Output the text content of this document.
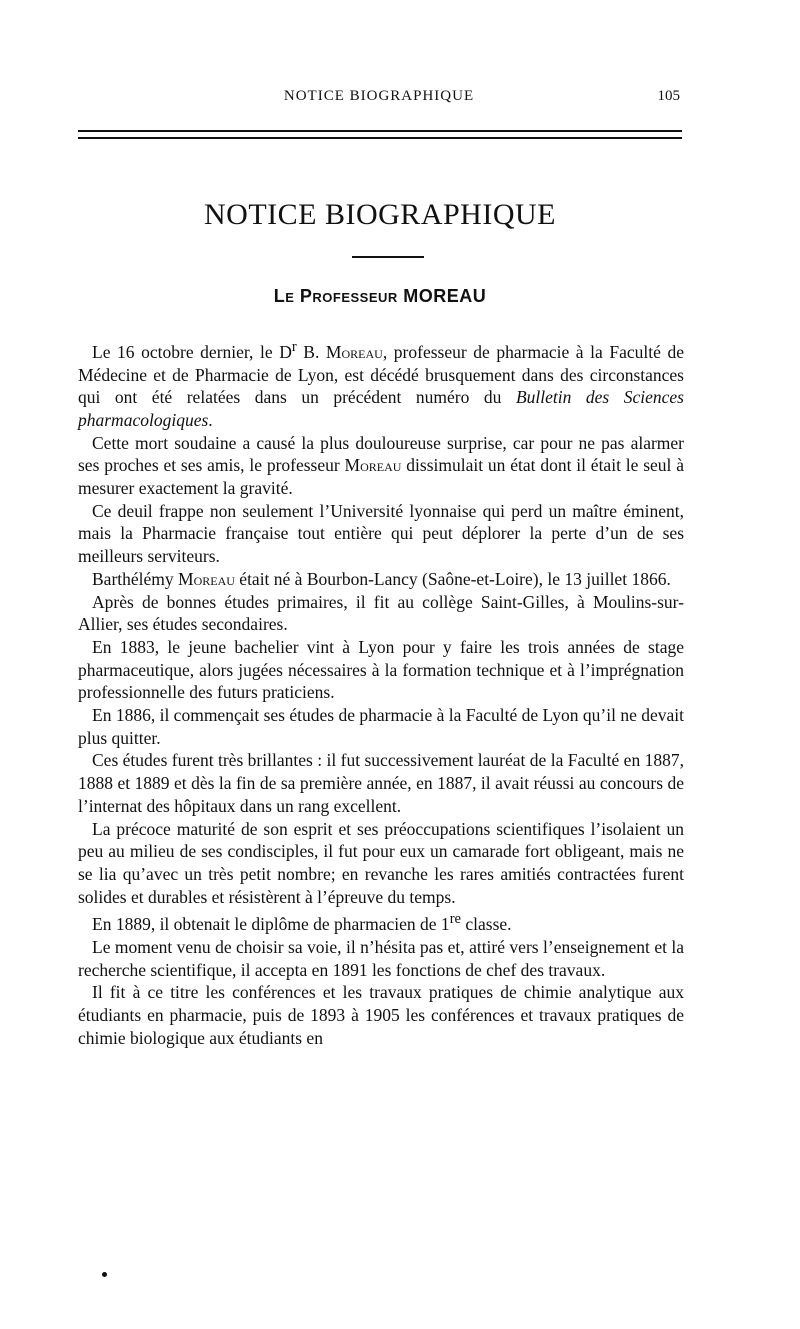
NOTICE BIOGRAPHIQUE	105
NOTICE BIOGRAPHIQUE
Le Professeur MOREAU

Le 16 octobre dernier, le $D^r$ B. Moreau, professeur de pharmacie à la Faculté de Médecine et de Pharmacie de Lyon, est décédé brusquement dans des circonstances qui ont été relatées dans un précédent numéro du Bulletin des Sciences pharmacologiques.

Cette mort soudaine a causé la plus douloureuse surprise, car pour ne pas alarmer ses proches et ses amis, le professeur Moreau dissimulait un état dont il était le seul à mesurer exactement la gravité.

Ce deuil frappe non seulement l’Université lyonnaise qui perd un maître éminent, mais la Pharmacie française tout entière qui peut déplorer la perte d’un de ses meilleurs serviteurs.

Barthélémy Moreau était né à Bourbon-Lancy (Saône-et-Loire), le 13 juillet 1866.

Après de bonnes études primaires, il fit au collège Saint-Gilles, à Moulins-sur-Allier, ses études secondaires.

En 1883, le jeune bachelier vint à Lyon pour y faire les trois années de stage pharmaceutique, alors jugées nécessaires à la formation technique et à l’imprégnation professionnelle des futurs praticiens.

En 1886, il commençait ses études de pharmacie à la Faculté de Lyon qu’il ne devait plus quitter.

Ces études furent très brillantes : il fut successivement lauréat de la Faculté en 1887, 1888 et 1889 et dès la fin de sa première année, en 1887, il avait réussi au concours de l’internat des hôpitaux dans un rang excellent.

La précoce maturité de son esprit et ses préoccupations scientifiques l’isolaient un peu au milieu de ses condisciples, il fut pour eux un camarade fort obligeant, mais ne se lia qu’avec un très petit nombre; en revanche les rares amitiés contractées furent solides et durables et résistèrent à l’épreuve du temps.

En 1889, il obtenait le diplôme de pharmacien de 1re classe.

Le moment venu de choisir sa voie, il n’hésita pas et, attiré vers l’enseignement et la recherche scientifique, il accepta en 1891 les fonctions de chef des travaux.

Il fit à ce titre les conférences et les travaux pratiques de chimie analytique aux étudiants en pharmacie, puis de 1893 à 1905 les conférences et travaux pratiques de chimie biologique aux étudiants en
